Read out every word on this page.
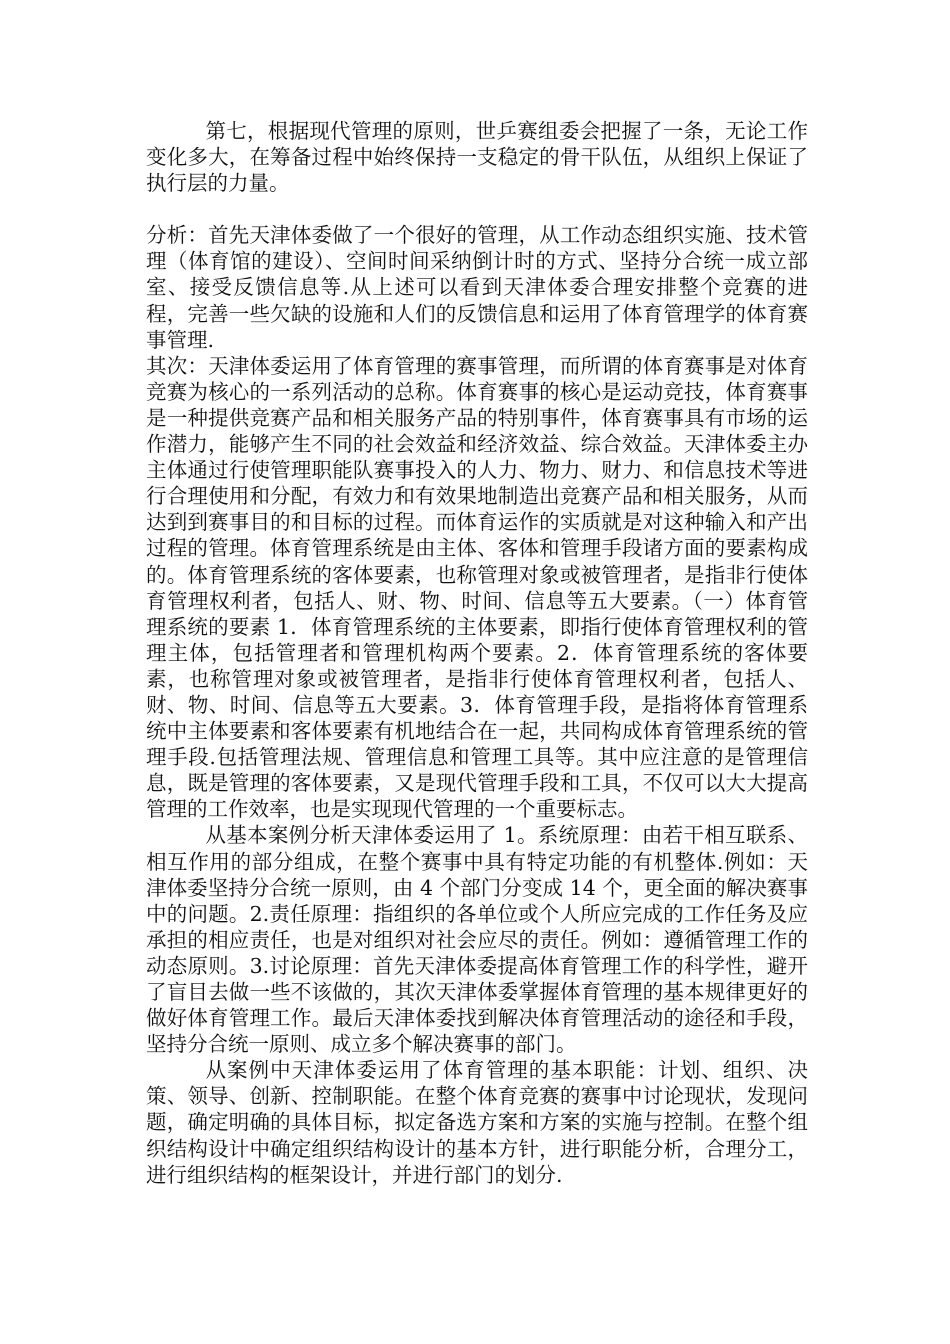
第七，根据现代管理的原则，世乒赛组委会把握了一条，无论工作变化多大，在筹备过程中始终保持一支稳定的骨干队伍，从组织上保证了执行层的力量。

分析：首先天津体委做了一个很好的管理，从工作动态组织实施、技术管理（体育馆的建设）、空间时间采纳倒计时的方式、坚持分合统一成立部室、接受反馈信息等.从上述可以看到天津体委合理安排整个竞赛的进程，完善一些欠缺的设施和人们的反馈信息和运用了体育管理学的体育赛事管理.

其次：天津体委运用了体育管理的赛事管理，而所谓的体育赛事是对体育竞赛为核心的一系列活动的总称。体育赛事的核心是运动竞技，体育赛事是一种提供竞赛产品和相关服务产品的特别事件，体育赛事具有市场的运作潜力，能够产生不同的社会效益和经济效益、综合效益。天津体委主办主体通过行使管理职能队赛事投入的人力、物力、财力、和信息技术等进行合理使用和分配，有效力和有效果地制造出竞赛产品和相关服务，从而达到到赛事目的和目标的过程。而体育运作的实质就是对这种输入和产出过程的管理。体育管理系统是由主体、客体和管理手段诸方面的要素构成的。体育管理系统的客体要素，也称管理对象或被管理者，是指非行使体育管理权利者，包括人、财、物、时间、信息等五大要素。（一）体育管理系统的要素 1．体育管理系统的主体要素，即指行使体育管理权利的管理主体，包括管理者和管理机构两个要素。2．体育管理系统的客体要素，也称管理对象或被管理者，是指非行使体育管理权利者，包括人、财、物、时间、信息等五大要素。3．体育管理手段，是指将体育管理系统中主体要素和客体要素有机地结合在一起，共同构成体育管理系统的管理手段.包括管理法规、管理信息和管理工具等。其中应注意的是管理信息，既是管理的客体要素，又是现代管理手段和工具，不仅可以大大提高管理的工作效率，也是实现现代管理的一个重要标志。

从基本案例分析天津体委运用了 1。系统原理：由若干相互联系、相互作用的部分组成，在整个赛事中具有特定功能的有机整体.例如：天津体委坚持分合统一原则，由 4 个部门分变成 14 个，更全面的解决赛事中的问题。2.责任原理：指组织的各单位或个人所应完成的工作任务及应承担的相应责任，也是对组织对社会应尽的责任。例如：遵循管理工作的动态原则。3.讨论原理：首先天津体委提高体育管理工作的科学性，避开了盲目去做一些不该做的，其次天津体委掌握体育管理的基本规律更好的做好体育管理工作。最后天津体委找到解决体育管理活动的途径和手段，坚持分合统一原则、成立多个解决赛事的部门。

从案例中天津体委运用了体育管理的基本职能：计划、组织、决策、领导、创新、控制职能。在整个体育竞赛的赛事中讨论现状，发现问题，确定明确的具体目标，拟定备选方案和方案的实施与控制。在整个组织结构设计中确定组织结构设计的基本方针，进行职能分析，合理分工，进行组织结构的框架设计，并进行部门的划分.
